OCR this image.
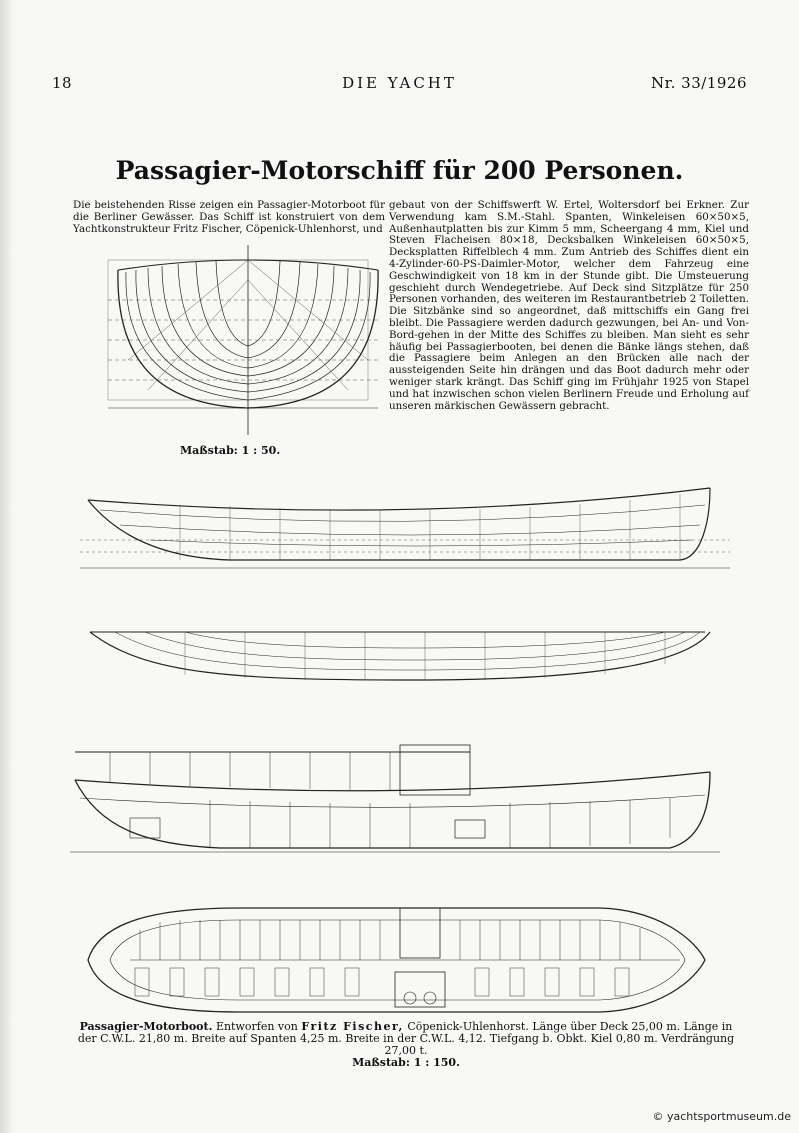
18	DIE YACHT	Nr. 33/1926
Passagier-Motorschiff für 200 Personen.
Die beistehenden Risse zeigen ein Passagier-Motorboot für die Berliner Gewässer. Das Schiff ist konstruiert von dem Yachtkonstrukteur Fritz Fischer, Cöpenick-Uhlenhorst, und
gebaut von der Schiffswerft W. Ertel, Woltersdorf bei Erkner. Zur Verwendung kam S.M.-Stahl. Spanten, Winkeleisen 60×50×5, Außenhautplatten bis zur Kimm 5 mm, Scheergang 4 mm, Kiel und Steven Flacheisen 80×18, Decksbalken Winkeleisen 60×50×5, Decksplatten Riffelblech 4 mm. Zum Antrieb des Schiffes dient ein 4-Zylinder-60-PS-Daimler-Motor, welcher dem Fahrzeug eine Geschwindigkeit von 18 km in der Stunde gibt. Die Umsteuerung geschieht durch Wendegetriebe. Auf Deck sind Sitzplätze für 250 Personen vorhanden, des weiteren im Restaurantbetrieb 2 Toiletten. Die Sitzbänke sind so angeordnet, daß mittschiffs ein Gang frei bleibt. Die Passagiere werden dadurch gezwungen, bei An- und Von-Bord-gehen in der Mitte des Schiffes zu bleiben. Man sieht es sehr häufig bei Passagierbooten, bei denen die Bänke längs stehen, daß die Passagiere beim Anlegen an den Brücken alle nach der aussteigenden Seite hin drängen und das Boot dadurch mehr oder weniger stark krängt. Das Schiff ging im Frühjahr 1925 von Stapel und hat inzwischen schon vielen Berlinern Freude und Erholung auf unseren märkischen Gewässern gebracht.
Maßstab: 1 : 50.
Passagier-Motorboot. Entworfen von Fritz Fischer, Cöpenick-Uhlenhorst. Länge über Deck 25,00 m. Länge in der C.W.L. 21,80 m. Breite auf Spanten 4,25 m. Breite in der C.W.L. 4,12. Tiefgang b. Obkt. Kiel 0,80 m. Verdrängung 27,00 t.
Maßstab: 1 : 150.
© yachtsportmuseum.de
